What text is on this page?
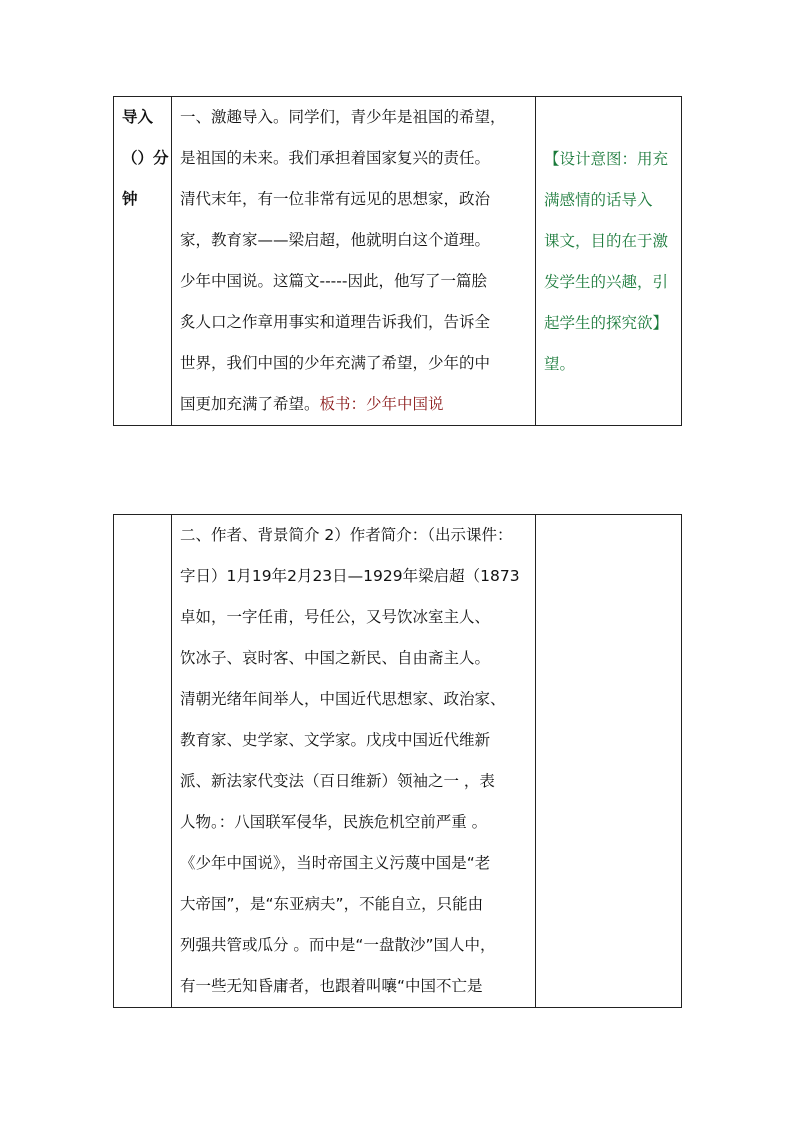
导入
（）分
钟

一、激趣导入。同学们，青少年是祖国的希望，
是祖国的未来。我们承担着国家复兴的责任。
清代末年，有一位非常有远见的思想家，政治
家，教育家——梁启超，他就明白这个道理。
少年中国说。这篇文-----因此，他写了一篇脍
炙人口之作章用事实和道理告诉我们，告诉全
世界，我们中国的少年充满了希望，少年的中
国更加充满了希望。板书：少年中国说

【设计意图：用充
满感情的话导入
课文，目的在于激
发学生的兴趣，引
起学生的探究欲】
望。

二、作者、背景简介 2）作者简介：（出示课件：
字日）1月19年2月23日—1929年梁启超（1873
卓如，一字任甫，号任公，又号饮冰室主人、
饮冰子、哀时客、中国之新民、自由斋主人。
清朝光绪年间举人，中国近代思想家、政治家、
教育家、史学家、文学家。戊戌中国近代维新
派、新法家代变法（百日维新）领袖之一 ，表
人物。：八国联军侵华，民族危机空前严重 。
《少年中国说》，当时帝国主义污蔑中国是“老
大帝国”，是“东亚病夫”，不能自立，只能由
列强共管或瓜分 。而中是“一盘散沙”国人中，
有一些无知昏庸者，也跟着叫嚷“中国不亡是
